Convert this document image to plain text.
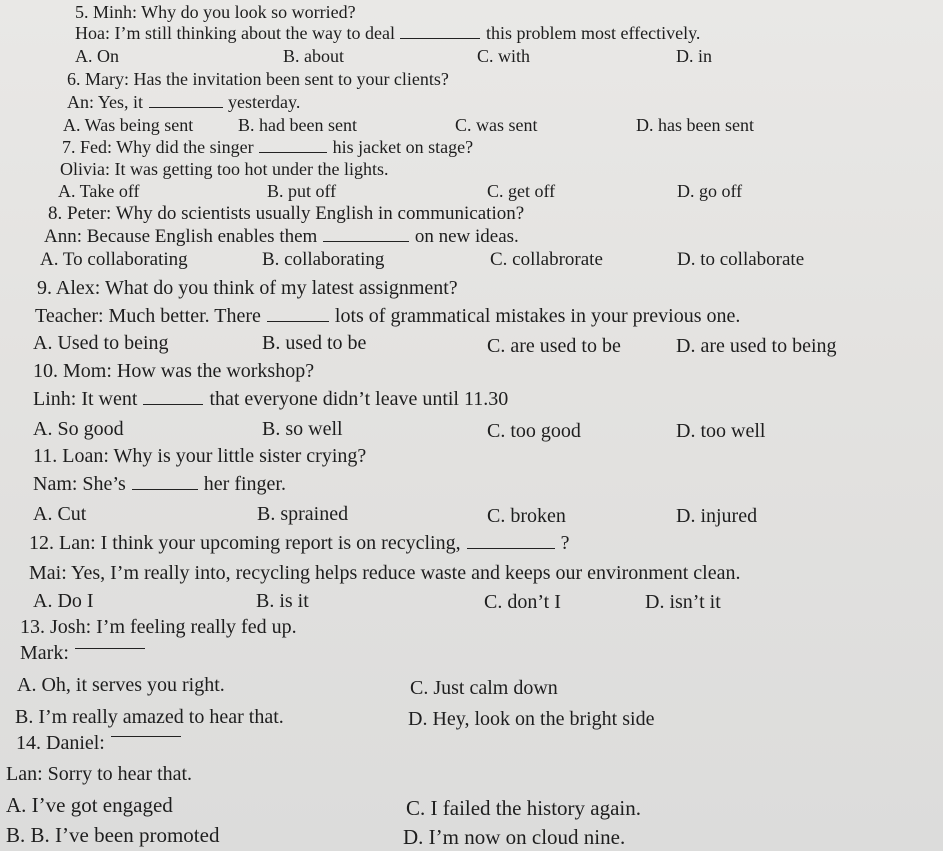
5. Minh: Why do you look so worried?
Hoa: I’m still thinking about the way to deal	this problem most effectively.
A. On	B. about	C. with	D. in
6. Mary: Has the invitation been sent to your clients?
An: Yes, it	yesterday.
A. Was being sent B. had been sent	C. was sent	D. has been sent
7. Fed: Why did the singer	his jacket on stage?
Olivia: It was getting too hot under the lights.
A. Take off	B. put off	C. get off	D. go off
8. Peter: Why do scientists usually English in communication?
Ann: Because English enables them	on new ideas.
A. To collaborating	B. collaborating	C. collabrorate	D. to collaborate
9. Alex: What do you think of my latest assignment?
Teacher: Much better. There	lots of grammatical mistakes in your previous one.
A. Used to being	B. used to be	C. are used to be	D. are used to being
10. Mom: How was the workshop?
Linh: It went	that everyone didn’t leave until 11.30
A. So good	B. so well	C. too good	D. too well
11. Loan: Why is your little sister crying?
Nam: She’s	her finger.
A. Cut	B. sprained	C. broken	D. injured
12. Lan: I think your upcoming report is on recycling,	?
Mai: Yes, I’m really into, recycling helps reduce waste and keeps our environment clean.
A. Do I	B. is it	C. don’t I	D. isn’t it
13. Josh: I’m feeling really fed up.
Mark:
A. Oh, it serves you right.	C. Just calm down
B. I’m really amazed to hear that.	D. Hey, look on the bright side
14. Daniel:
Lan: Sorry to hear that.
A. I’ve got engaged	C. I failed the history again.
B. B. I’ve been promoted	D. I’m now on cloud nine.
